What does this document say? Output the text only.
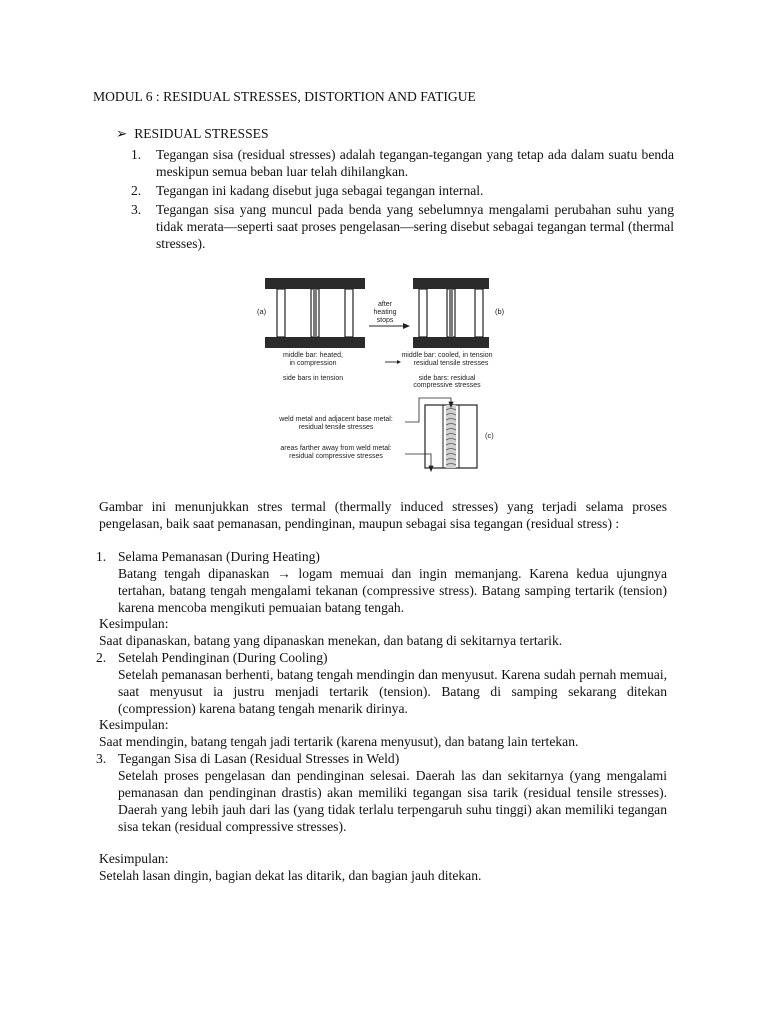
MODUL 6 : RESIDUAL STRESSES, DISTORTION AND FATIGUE
➢ RESIDUAL STRESSES
1. Tegangan sisa (residual stresses) adalah tegangan-tegangan yang tetap ada dalam suatu benda meskipun semua beban luar telah dihilangkan.
2. Tegangan ini kadang disebut juga sebagai tegangan internal.
3. Tegangan sisa yang muncul pada benda yang sebelumnya mengalami perubahan suhu yang tidak merata—seperti saat proses pengelasan—sering disebut sebagai tegangan termal (thermal stresses).
(a)
after
heating
stops
(b)
middle bar: heated,
in compression
side bars in tension
middle bar: cooled, in tension
residual tensile stresses
side bars: residual
compressive stresses
(c)
weld metal and adjacent base metal:
residual tensile stresses
areas farther away from weld metal:
residual compressive stresses
Gambar ini menunjukkan stres termal (thermally induced stresses) yang terjadi selama proses pengelasan, baik saat pemanasan, pendinginan, maupun sebagai sisa tegangan (residual stress) :
1. Selama Pemanasan (During Heating)
Batang tengah dipanaskan → logam memuai dan ingin memanjang. Karena kedua ujungnya tertahan, batang tengah mengalami tekanan (compressive stress). Batang samping tertarik (tension) karena mencoba mengikuti pemuaian batang tengah.
Kesimpulan:
Saat dipanaskan, batang yang dipanaskan menekan, dan batang di sekitarnya tertarik.
2. Setelah Pendinginan (During Cooling)
Setelah pemanasan berhenti, batang tengah mendingin dan menyusut. Karena sudah pernah memuai, saat menyusut ia justru menjadi tertarik (tension). Batang di samping sekarang ditekan (compression) karena batang tengah menarik dirinya.
Kesimpulan:
Saat mendingin, batang tengah jadi tertarik (karena menyusut), dan batang lain tertekan.
3. Tegangan Sisa di Lasan (Residual Stresses in Weld)
Setelah proses pengelasan dan pendinginan selesai. Daerah las dan sekitarnya (yang mengalami pemanasan dan pendinginan drastis) akan memiliki tegangan sisa tarik (residual tensile stresses). Daerah yang lebih jauh dari las (yang tidak terlalu terpengaruh suhu tinggi) akan memiliki tegangan sisa tekan (residual compressive stresses).
Kesimpulan:
Setelah lasan dingin, bagian dekat las ditarik, dan bagian jauh ditekan.
